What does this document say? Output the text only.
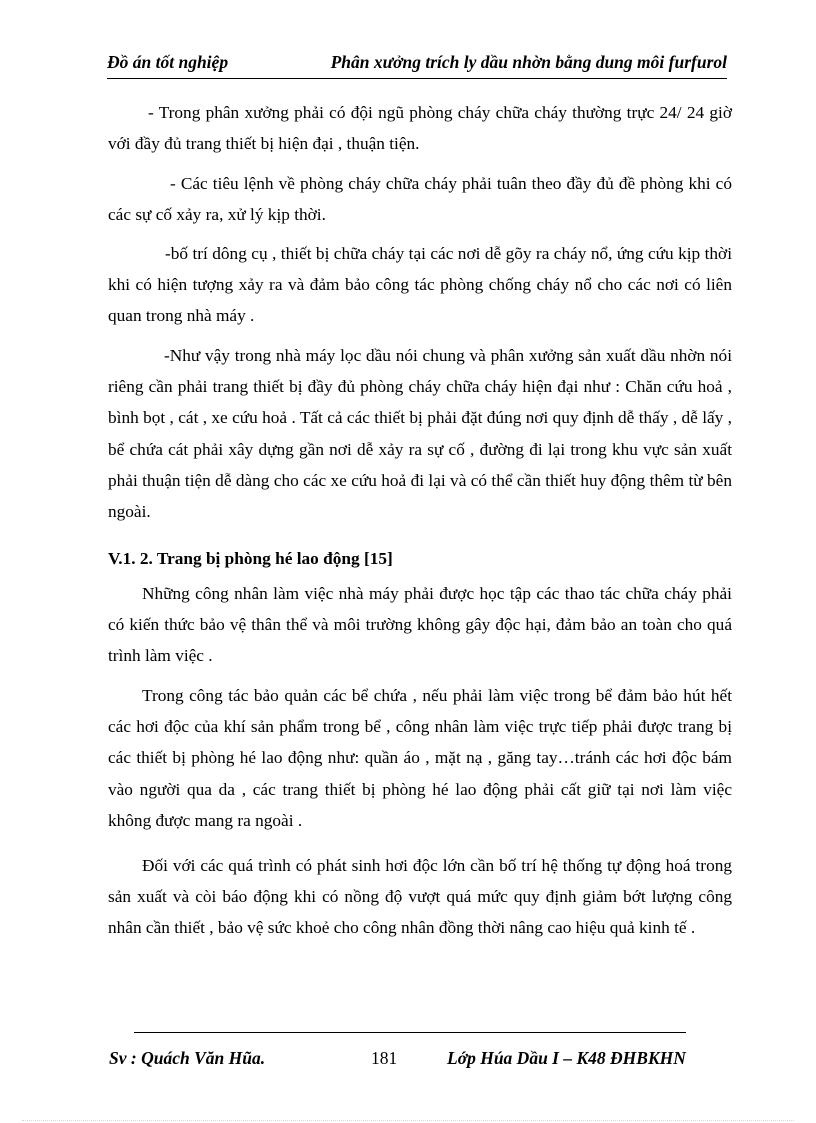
Đồ án tốt nghiệp	Phân xưởng trích ly dầu nhờn bằng dung môi furfurol

- Trong phân xưởng phải có đội ngũ phòng cháy chữa cháy thường trực 24/ 24 giờ với đầy đủ trang thiết bị hiện đại , thuận tiện.

- Các tiêu lệnh về phòng cháy chữa cháy phải tuân theo đầy đủ đề phòng khi có các sự cố xảy ra, xử lý kịp thời.

-bố trí dông cụ , thiết bị chữa cháy tại các nơi dễ gõy ra cháy nổ, ứng cứu kịp thời khi có hiện tượng xảy ra và đảm bảo công tác phòng chống cháy nổ cho các nơi có liên quan trong nhà máy .

-Như vậy trong nhà máy lọc dầu nói chung và phân xưởng sản xuất dầu nhờn nói riêng cần phải trang thiết bị đầy đủ phòng cháy chữa cháy hiện đại như : Chăn cứu hoả , bình bọt , cát , xe cứu hoả . Tất cả các thiết bị phải đặt đúng nơi quy định dễ thấy , dễ lấy , bể chứa cát phải xây dựng gần nơi dễ xảy ra sự cố , đường đi lại trong khu vực sản xuất phải thuận tiện dễ dàng cho các xe cứu hoả đi lại và có thể cần thiết huy động thêm từ bên ngoài.

V.1. 2. Trang bị phòng hé lao động [15]

Những công nhân làm việc nhà máy phải được học tập các thao tác chữa cháy phải có kiến thức bảo vệ thân thể và môi trường không gây độc hại, đảm bảo an toàn cho quá trình làm việc .

Trong công tác bảo quản các bể chứa , nếu phải làm việc trong bể đảm bảo hút hết các hơi độc của khí sản phẩm trong bể , công nhân làm việc trực tiếp phải được trang bị các thiết bị phòng hé lao động như: quần áo , mặt nạ , găng tay…tránh các hơi độc bám vào người qua da , các trang thiết bị phòng hé lao động phải cất giữ tại nơi làm việc không được mang ra ngoài .

Đối với các quá trình có phát sinh hơi độc lớn cần bố trí hệ thống tự động hoá trong sản xuất và còi báo động khi có nồng độ vượt quá mức quy định giảm bớt lượng công nhân cần thiết , bảo vệ sức khoẻ cho công nhân đồng thời nâng cao hiệu quả kinh tế .

Sv : Quách Văn Hũa.	181	Lớp Húa Dầu I – K48 ĐHBKHN
